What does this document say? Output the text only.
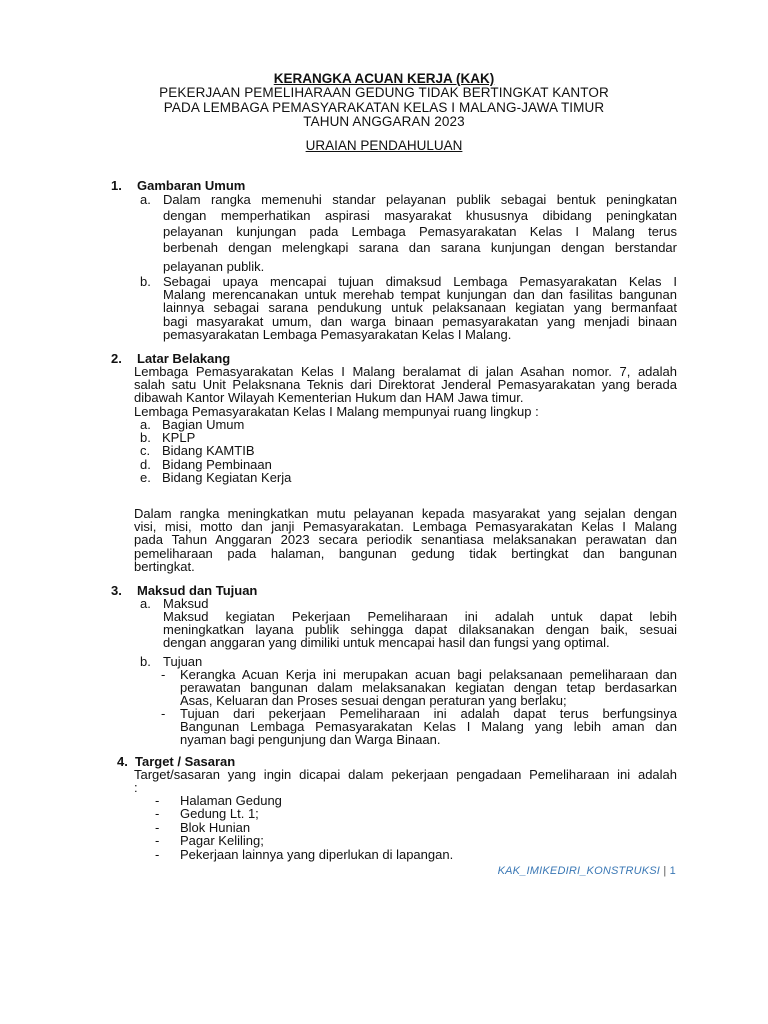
KERANGKA ACUAN KERJA (KAK)
PEKERJAAN PEMELIHARAAN GEDUNG TIDAK BERTINGKAT KANTOR
PADA LEMBAGA PEMASYARAKATAN KELAS I MALANG-JAWA TIMUR
TAHUN ANGGARAN 2023
URAIAN PENDAHULUAN
1. Gambaran Umum
a. Dalam rangka memenuhi standar pelayanan publik sebagai bentuk peningkatan
dengan memperhatikan aspirasi masyarakat khususnya dibidang peningkatan
pelayanan kunjungan pada Lembaga Pemasyarakatan Kelas I Malang terus
berbenah dengan melengkapi sarana dan sarana kunjungan dengan berstandar
pelayanan publik.
b. Sebagai upaya mencapai tujuan dimaksud Lembaga Pemasyarakatan Kelas I
Malang merencanakan untuk merehab tempat kunjungan dan dan fasilitas bangunan
lainnya sebagai sarana pendukung untuk pelaksanaan kegiatan yang bermanfaat
bagi masyarakat umum, dan warga binaan pemasyarakatan yang menjadi binaan
pemasyarakatan Lembaga Pemasyarakatan Kelas I Malang.
2. Latar Belakang
Lembaga Pemasyarakatan Kelas I Malang beralamat di jalan Asahan nomor. 7, adalah
salah satu Unit Pelaksnana Teknis dari Direktorat Jenderal Pemasyarakatan yang berada
dibawah Kantor Wilayah Kementerian Hukum dan HAM Jawa timur.
Lembaga Pemasyarakatan Kelas I Malang mempunyai ruang lingkup :
a. Bagian Umum
b. KPLP
c. Bidang KAMTIB
d. Bidang Pembinaan
e. Bidang Kegiatan Kerja
Dalam rangka meningkatkan mutu pelayanan kepada masyarakat yang sejalan dengan
visi, misi, motto dan janji Pemasyarakatan. Lembaga Pemasyarakatan Kelas I Malang
pada Tahun Anggaran 2023 secara periodik senantiasa melaksanakan perawatan dan
pemeliharaan pada halaman, bangunan gedung tidak bertingkat dan bangunan
bertingkat.
3. Maksud dan Tujuan
a. Maksud
Maksud kegiatan Pekerjaan Pemeliharaan ini adalah untuk dapat lebih
meningkatkan layana publik sehingga dapat dilaksanakan dengan baik, sesuai
dengan anggaran yang dimiliki untuk mencapai hasil dan fungsi yang optimal.
b. Tujuan
- Kerangka Acuan Kerja ini merupakan acuan bagi pelaksanaan pemeliharaan dan
perawatan bangunan dalam melaksanakan kegiatan dengan tetap berdasarkan
Asas, Keluaran dan Proses sesuai dengan peraturan yang berlaku;
- Tujuan dari pekerjaan Pemeliharaan ini adalah dapat terus berfungsinya
Bangunan Lembaga Pemasyarakatan Kelas I Malang yang lebih aman dan
nyaman bagi pengunjung dan Warga Binaan.
4. Target / Sasaran
Target/sasaran yang ingin dicapai dalam pekerjaan pengadaan Pemeliharaan ini adalah
:
- Halaman Gedung
- Gedung Lt. 1;
- Blok Hunian
- Pagar Keliling;
- Pekerjaan lainnya yang diperlukan di lapangan.
KAK_IMIKEDIRI_KONSTRUKSI | 1
